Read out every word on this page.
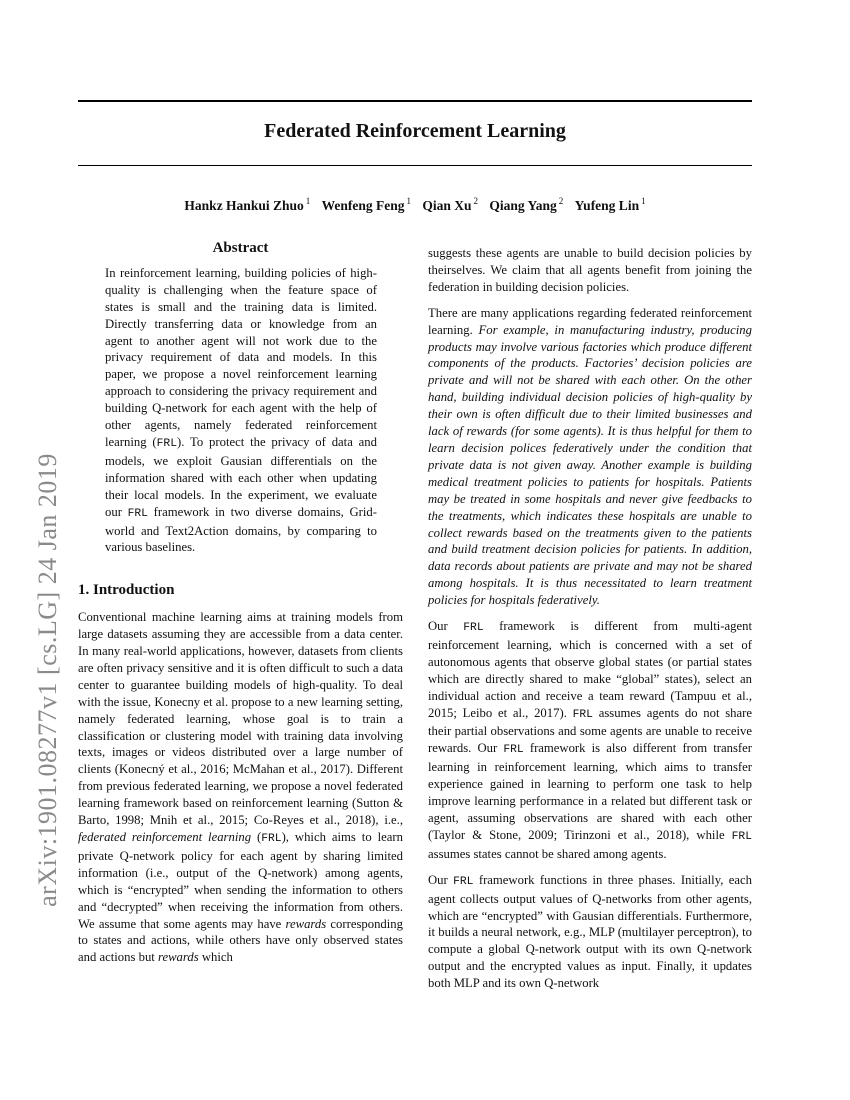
Federated Reinforcement Learning
Hankz Hankui Zhuo $^1$ Wenfeng Feng $^1$ Qian Xu $^2$ Qiang Yang $^2$ Yufeng Lin $^1$
arXiv:1901.08277v1 [cs.LG] 24 Jan 2019
Abstract
In reinforcement learning, building policies of high-quality is challenging when the feature space of states is small and the training data is limited. Directly transferring data or knowledge from an agent to another agent will not work due to the privacy requirement of data and models. In this paper, we propose a novel reinforcement learning approach to considering the privacy requirement and building Q-network for each agent with the help of other agents, namely federated reinforcement learning (FRL). To protect the privacy of data and models, we exploit Gausian differentials on the information shared with each other when updating their local models. In the experiment, we evaluate our FRL framework in two diverse domains, Grid-world and Text2Action domains, by comparing to various baselines.
1. Introduction

Conventional machine learning aims at training models from large datasets assuming they are accessible from a data center. In many real-world applications, however, datasets from clients are often privacy sensitive and it is often difficult to such a data center to guarantee building models of high-quality. To deal with the issue, Konecny et al. propose to a new learning setting, namely federated learning, whose goal is to train a classification or clustering model with training data involving texts, images or videos distributed over a large number of clients (Konecný et al., 2016; McMahan et al., 2017). Different from previous federated learning, we propose a novel federated learning framework based on reinforcement learning (Sutton & Barto, 1998; Mnih et al., 2015; Co-Reyes et al., 2018), i.e., federated reinforcement learning (FRL), which aims to learn private Q-network policy for each agent by sharing limited information (i.e., output of the Q-network) among agents, which is “encrypted” when sending the information to others and “decrypted” when receiving the information from others. We assume that some agents may have rewards corresponding to states and actions, while others have only observed states and actions but rewards which

suggests these agents are unable to build decision policies by theirselves. We claim that all agents benefit from joining the federation in building decision policies.

There are many applications regarding federated reinforcement learning. For example, in manufacturing industry, producing products may involve various factories which produce different components of the products. Factories’ decision policies are private and will not be shared with each other. On the other hand, building individual decision policies of high-quality by their own is often difficult due to their limited businesses and lack of rewards (for some agents). It is thus helpful for them to learn decision polices federatively under the condition that private data is not given away. Another example is building medical treatment policies to patients for hospitals. Patients may be treated in some hospitals and never give feedbacks to the treatments, which indicates these hospitals are unable to collect rewards based on the treatments given to the patients and build treatment decision policies for patients. In addition, data records about patients are private and may not be shared among hospitals. It is thus necessitated to learn treatment policies for hospitals federatively.

Our FRL framework is different from multi-agent reinforcement learning, which is concerned with a set of autonomous agents that observe global states (or partial states which are directly shared to make “global” states), select an individual action and receive a team reward (Tampuu et al., 2015; Leibo et al., 2017). FRL assumes agents do not share their partial observations and some agents are unable to receive rewards. Our FRL framework is also different from transfer learning in reinforcement learning, which aims to transfer experience gained in learning to perform one task to help improve learning performance in a related but different task or agent, assuming observations are shared with each other (Taylor & Stone, 2009; Tirinzoni et al., 2018), while FRL assumes states cannot be shared among agents.

Our FRL framework functions in three phases. Initially, each agent collects output values of Q-networks from other agents, which are “encrypted” with Gausian differentials. Furthermore, it builds a neural network, e.g., MLP (multilayer perceptron), to compute a global Q-network output with its own Q-network output and the encrypted values as input. Finally, it updates both MLP and its own Q-network
